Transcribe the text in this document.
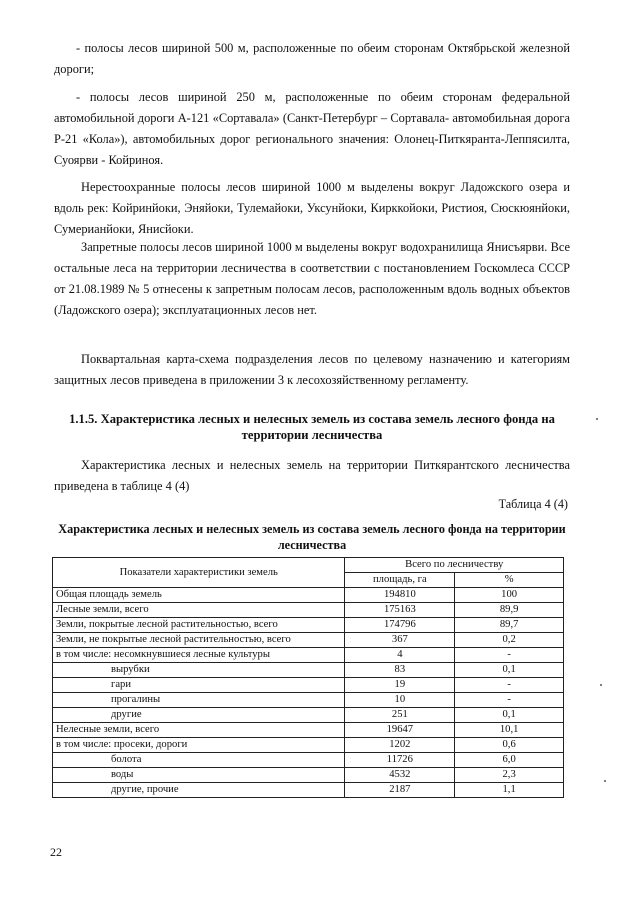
- полосы лесов шириной 500 м, расположенные по обеим сторонам Октябрьской железной дороги;

- полосы лесов шириной 250 м, расположенные по обеим сторонам федеральной автомобильной дороги А-121 «Сортавала» (Санкт-Петербург – Сортавала- автомобильная дорога Р-21 «Кола»), автомобильных дорог регионального значения: Олонец-Питкяранта-Леппясилта, Суоярви - Койриноя.

Нерестоохранные полосы лесов шириной 1000 м выделены вокруг Ладожского озера и вдоль рек: Койринйоки, Эняйоки, Тулемайоки, Уксунйоки, Кирккойоки, Ристиоя, Сюскюянйоки, Сумерианйоки, Янисйоки.

Запретные полосы лесов шириной 1000 м выделены вокруг водохранилища Янисъярви. Все остальные леса на территории лесничества в соответствии с постановлением Госкомлеса СССР от 21.08.1989 № 5 отнесены к запретным полосам лесов, расположенным вдоль водных объектов (Ладожского озера); эксплуатационных лесов нет.

Поквартальная карта-схема подразделения лесов по целевому назначению и категориям защитных лесов приведена в приложении 3 к лесохозяйственному регламенту.

1.1.5. Характеристика лесных и нелесных земель из состава земель лесного фонда на территории лесничества

Характеристика лесных и нелесных земель на территории Питкярантского лесничества приведена в таблице 4 (4)

Таблица 4 (4)
Характеристика лесных и нелесных земель из состава земель лесного фонда на территории лесничества
Показатели характеристики земель	Всего по лесничеству	
	площадь, га	%
Общая площадь земель	194810	100
Лесные земли, всего	175163	89,9
Земли, покрытые лесной растительностью, всего	174796	89,7
Земли, не покрытые лесной растительностью, всего	367	0,2
в том числе: несомкнувшиеся лесные культуры	4	-
вырубки	83	0,1
гари	19	-
прогалины	10	-
другие	251	0,1
Нелесные земли, всего	19647	10,1
в том числе: просеки, дороги	1202	0,6
болота	11726	6,0
воды	4532	2,3
другие, прочие	2187	1,1
22
